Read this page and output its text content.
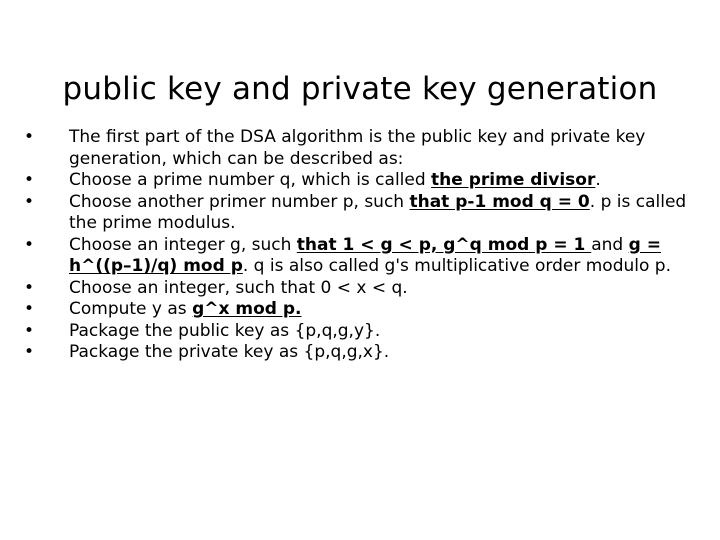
public key and private key generation
•	The first part of the DSA algorithm is the public key and private key generation, which can be described as:
•	Choose a prime number q, which is called the prime divisor.
•	Choose another primer number p, such that p-1 mod q = 0. p is called the prime modulus.
•	Choose an integer g, such that 1 < g < p, g^q mod p = 1 and g = h^((p–1)/q) mod p. q is also called g's multiplicative order modulo p.
•	Choose an integer, such that 0 < x < q.
•	Compute y as g^x mod p.
•	Package the public key as {p,q,g,y}.
•	Package the private key as {p,q,g,x}.
